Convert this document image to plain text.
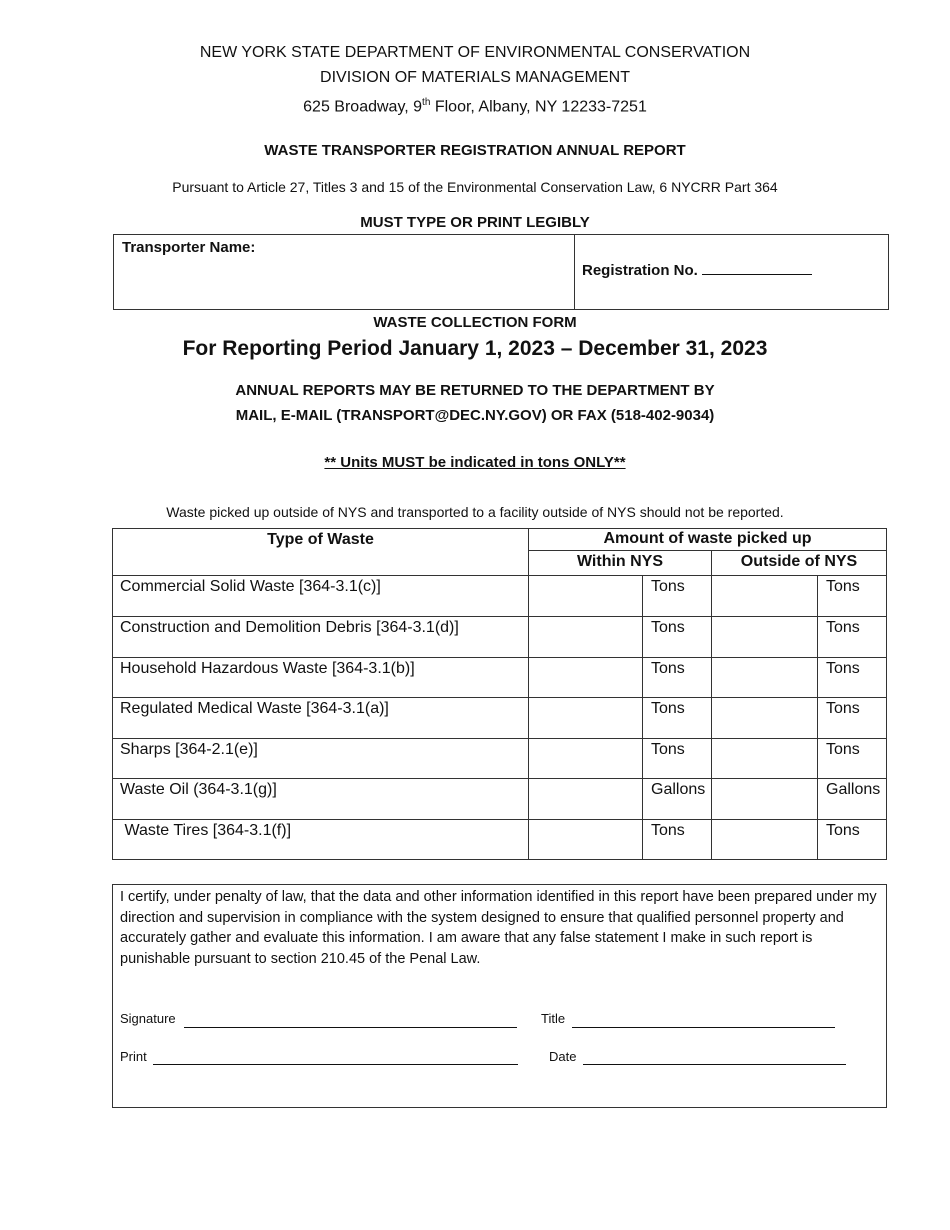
NEW YORK STATE DEPARTMENT OF ENVIRONMENTAL CONSERVATION
DIVISION OF MATERIALS MANAGEMENT
625 Broadway, 9th Floor, Albany, NY 12233-7251
WASTE TRANSPORTER REGISTRATION ANNUAL REPORT
Pursuant to Article 27, Titles 3 and 15 of the Environmental Conservation Law, 6 NYCRR Part 364
MUST TYPE OR PRINT LEGIBLY
Transporter Name:
Registration No.
WASTE COLLECTION FORM
For Reporting Period January 1, 2023 – December 31, 2023
ANNUAL REPORTS MAY BE RETURNED TO THE DEPARTMENT BY
MAIL, E-MAIL (TRANSPORT@DEC.NY.GOV) OR FAX (518-402-9034)
** Units MUST be indicated in tons ONLY**
Waste picked up outside of NYS and transported to a facility outside of NYS should not be reported.
Type of Waste	Amount of waste picked up
Within NYS	Outside of NYS
Commercial Solid Waste [364-3.1(c)]	Tons	Tons
Construction and Demolition Debris [364-3.1(d)]	Tons	Tons
Household Hazardous Waste [364-3.1(b)]	Tons	Tons
Regulated Medical Waste [364-3.1(a)]	Tons	Tons
Sharps [364-2.1(e)]	Tons	Tons
Waste Oil (364-3.1(g)]	Gallons	Gallons
Waste Tires [364-3.1(f)]	Tons	Tons
I certify, under penalty of law, that the data and other information identified in this report have been prepared under my direction and supervision in compliance with the system designed to ensure that qualified personnel property and accurately gather and evaluate this information. I am aware that any false statement I make in such report is punishable pursuant to section 210.45 of the Penal Law.
Signature	Title
Print	Date
